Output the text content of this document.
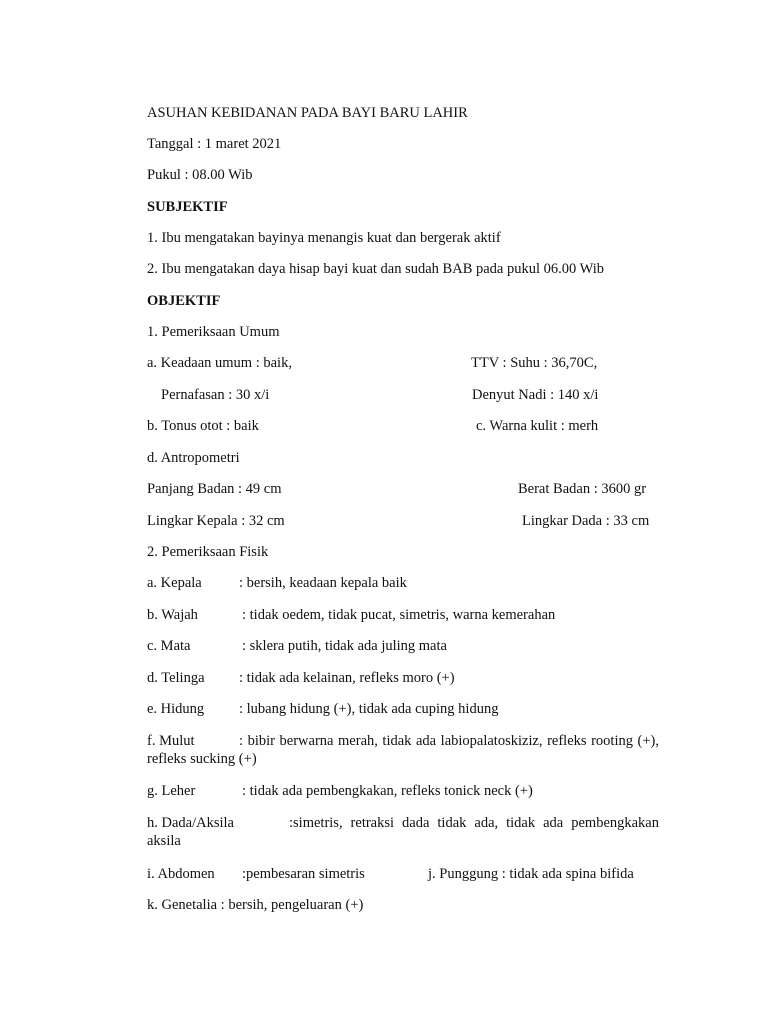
ASUHAN KEBIDANAN PADA BAYI BARU LAHIR
Tanggal : 1 maret 2021
Pukul : 08.00 Wib
SUBJEKTIF
1. Ibu mengatakan bayinya menangis kuat dan bergerak aktif
2. Ibu mengatakan daya hisap bayi kuat dan sudah BAB pada pukul 06.00 Wib
OBJEKTIF
1. Pemeriksaan Umum
a. Keadaan umum : baik,	TTV : Suhu : 36,70C,
Pernafasan : 30 x/i	Denyut Nadi : 140 x/i
b. Tonus otot : baik	c. Warna kulit : merh
d. Antropometri
Panjang Badan : 49 cm	Berat Badan : 3600 gr
Lingkar Kepala : 32 cm	Lingkar Dada : 33 cm
2. Pemeriksaan Fisik
a. Kepala	: bersih, keadaan kepala baik
b. Wajah	: tidak oedem, tidak pucat, simetris, warna kemerahan
c. Mata	: sklera putih, tidak ada juling mata
d. Telinga : tidak ada kelainan, refleks moro (+)
e. Hidung : lubang hidung (+), tidak ada cuping hidung
f. Mulut	: bibir berwarna merah, tidak ada labiopalatoskiziz, refleks rooting (+), refleks sucking (+)
g. Leher	: tidak ada pembengkakan, refleks tonick neck (+)
h. Dada/Aksila	:simetris, retraksi dada tidak ada, tidak ada pembengkakan aksila
i. Abdomen :pembesaran simetris	j. Punggung : tidak ada spina bifida
k. Genetalia : bersih, pengeluaran (+)
